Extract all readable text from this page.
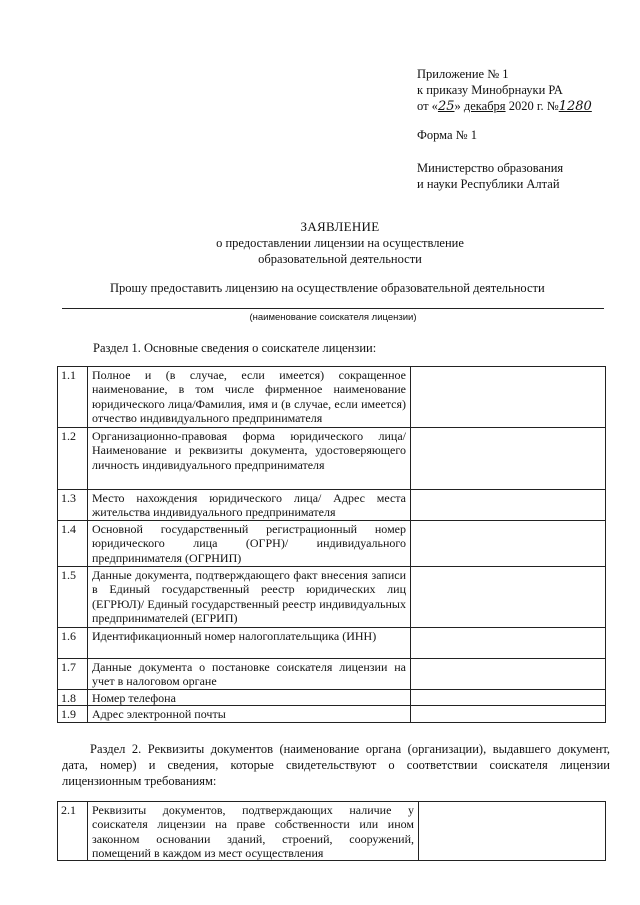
Приложение № 1
к приказу Минобрнауки РА
от «25» декабря 2020 г. №1280
Форма № 1
Министерство образования
и науки Республики Алтай
ЗАЯВЛЕНИЕ
о предоставлении лицензии на осуществление
образовательной деятельности
Прошу предоставить лицензию на осуществление образовательной деятельности
(наименование соискателя лицензии)
Раздел 1. Основные сведения о соискателе лицензии:
1.1	Полное и (в случае, если имеется) сокращенное наименование, в том числе фирменное наименование юридического лица/Фамилия, имя и (в случае, если имеется) отчество индивидуального предпринимателя	
1.2	Организационно-правовая форма юридического лица/ Наименование и реквизиты документа, удостоверяющего личность индивидуального предпринимателя	
1.3	Место нахождения юридического лица/ Адрес места жительства индивидуального предпринимателя	
1.4	Основной государственный регистрационный номер юридического лица (ОГРН)/ индивидуального предпринимателя (ОГРНИП)	
1.5	Данные документа, подтверждающего факт внесения записи в Единый государственный реестр юридических лиц (ЕГРЮЛ)/ Единый государственный реестр индивидуальных предпринимателей (ЕГРИП)	
1.6	Идентификационный номер налогоплательщика (ИНН)	
1.7	Данные документа о постановке соискателя лицензии на учет в налоговом органе	
1.8	Номер телефона	
1.9	Адрес электронной почты	
Раздел 2. Реквизиты документов (наименование органа (организации), выдавшего документ, дата, номер) и сведения, которые свидетельствуют о соответствии соискателя лицензии лицензионным требованиям:
2.1	Реквизиты документов, подтверждающих наличие у соискателя лицензии на праве собственности или ином законном основании зданий, строений, сооружений, помещений в каждом из мест осуществления	
